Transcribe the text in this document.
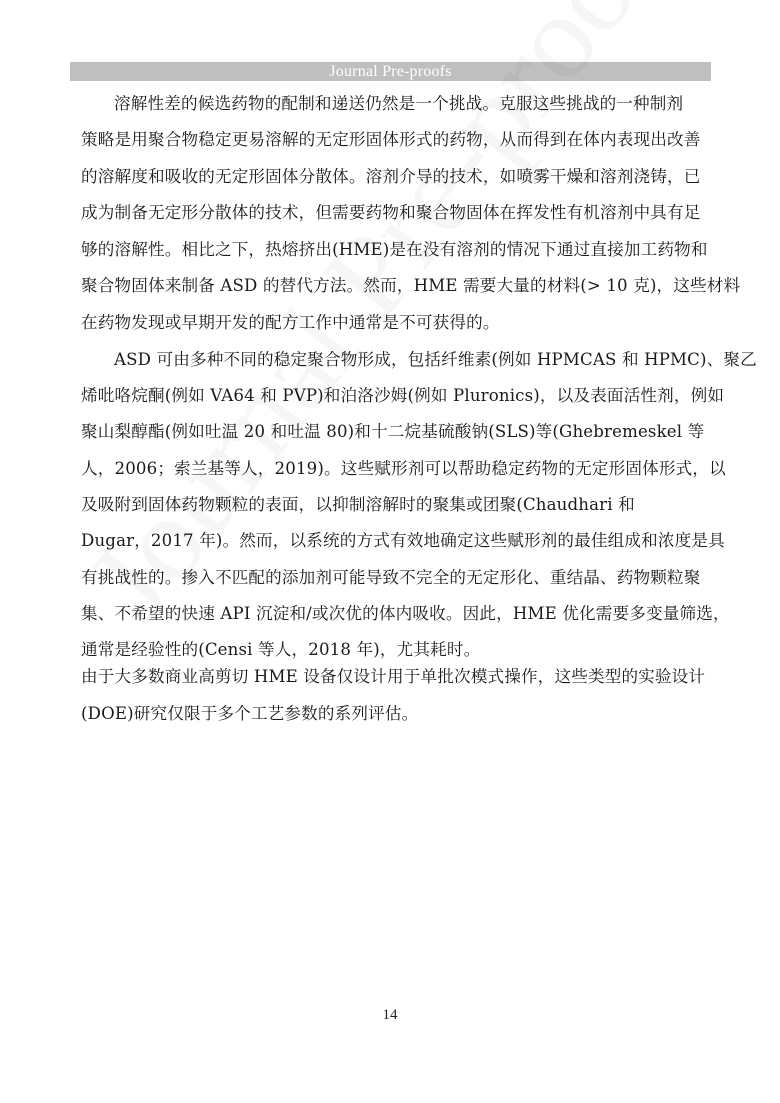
Journal Pre-proofs
溶解性差的候选药物的配制和递送仍然是一个挑战。克服这些挑战的一种制剂
策略是用聚合物稳定更易溶解的无定形固体形式的药物，从而得到在体内表现出改善
的溶解度和吸收的无定形固体分散体。溶剂介导的技术，如喷雾干燥和溶剂浇铸，已
成为制备无定形分散体的技术，但需要药物和聚合物固体在挥发性有机溶剂中具有足
够的溶解性。相比之下，热熔挤出(HME)是在没有溶剂的情况下通过直接加工药物和
聚合物固体来制备 ASD 的替代方法。然而，HME 需要大量的材料(> 10 克)，这些材料
在药物发现或早期开发的配方工作中通常是不可获得的。
ASD 可由多种不同的稳定聚合物形成，包括纤维素(例如 HPMCAS 和 HPMC)、聚乙
烯吡咯烷酮(例如 VA64 和 PVP)和泊洛沙姆(例如 Pluronics)，以及表面活性剂，例如
聚山梨醇酯(例如吐温 20 和吐温 80)和十二烷基硫酸钠(SLS)等(Ghebremeskel 等
人，2006；索兰基等人，2019)。这些赋形剂可以帮助稳定药物的无定形固体形式，以
及吸附到固体药物颗粒的表面，以抑制溶解时的聚集或团聚(Chaudhari 和
Dugar，2017 年)。然而，以系统的方式有效地确定这些赋形剂的最佳组成和浓度是具
有挑战性的。掺入不匹配的添加剂可能导致不完全的无定形化、重结晶、药物颗粒聚
集、不希望的快速 API 沉淀和/或次优的体内吸收。因此，HME 优化需要多变量筛选，
通常是经验性的(Censi 等人，2018 年)，尤其耗时。
由于大多数商业高剪切 HME 设备仅设计用于单批次模式操作，这些类型的实验设计
(DOE)研究仅限于多个工艺参数的系列评估。
14
